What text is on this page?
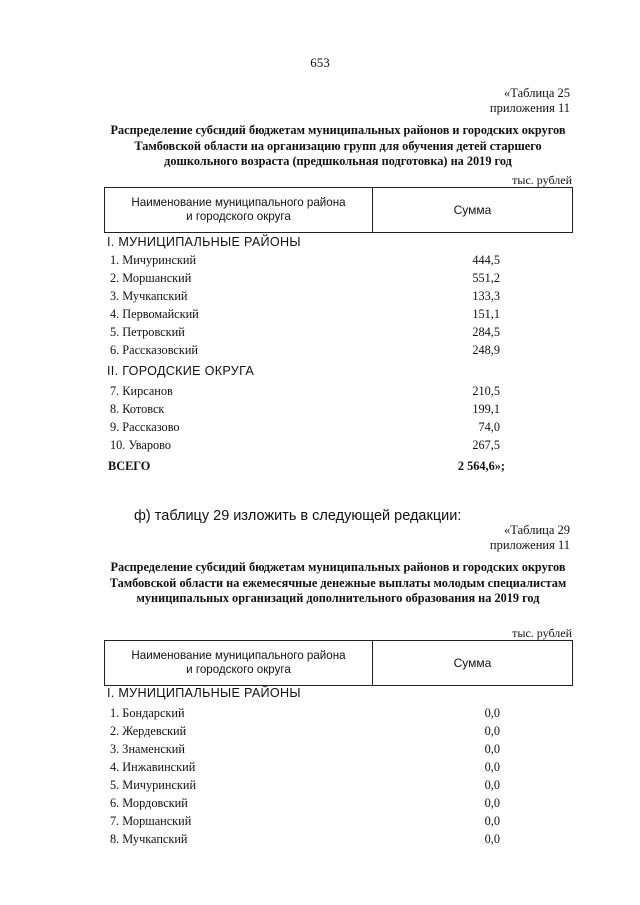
653
«Таблица 25
приложения 11
Распределение субсидий бюджетам муниципальных районов и городских округов Тамбовской области на организацию групп для обучения детей старшего дошкольного возраста (предшкольная подготовка) на 2019 год
тыс. рублей
Наименование муниципального района
и городского округа	Сумма
I. МУНИЦИПАЛЬНЫЕ РАЙОНЫ
1. Мичуринский	444,5
2. Моршанский	551,2
3. Мучкапский	133,3
4. Первомайский	151,1
5. Петровский	284,5
6. Рассказовский	248,9
II. ГОРОДСКИЕ ОКРУГА
7. Кирсанов	210,5
8. Котовск	199,1
9. Рассказово	74,0
10. Уварово	267,5
ВСЕГО	2 564,6»;
ф) таблицу 29 изложить в следующей редакции:
«Таблица 29
приложения 11
Распределение субсидий бюджетам муниципальных районов и городских округов Тамбовской области на ежемесячные денежные выплаты молодым специалистам муниципальных организаций дополнительного образования на 2019 год
тыс. рублей
Наименование муниципального района
и городского округа	Сумма
I. МУНИЦИПАЛЬНЫЕ РАЙОНЫ
1. Бондарский	0,0
2. Жердевский	0,0
3. Знаменский	0,0
4. Инжавинский	0,0
5. Мичуринский	0,0
6. Мордовский	0,0
7. Моршанский	0,0
8. Мучкапский	0,0
